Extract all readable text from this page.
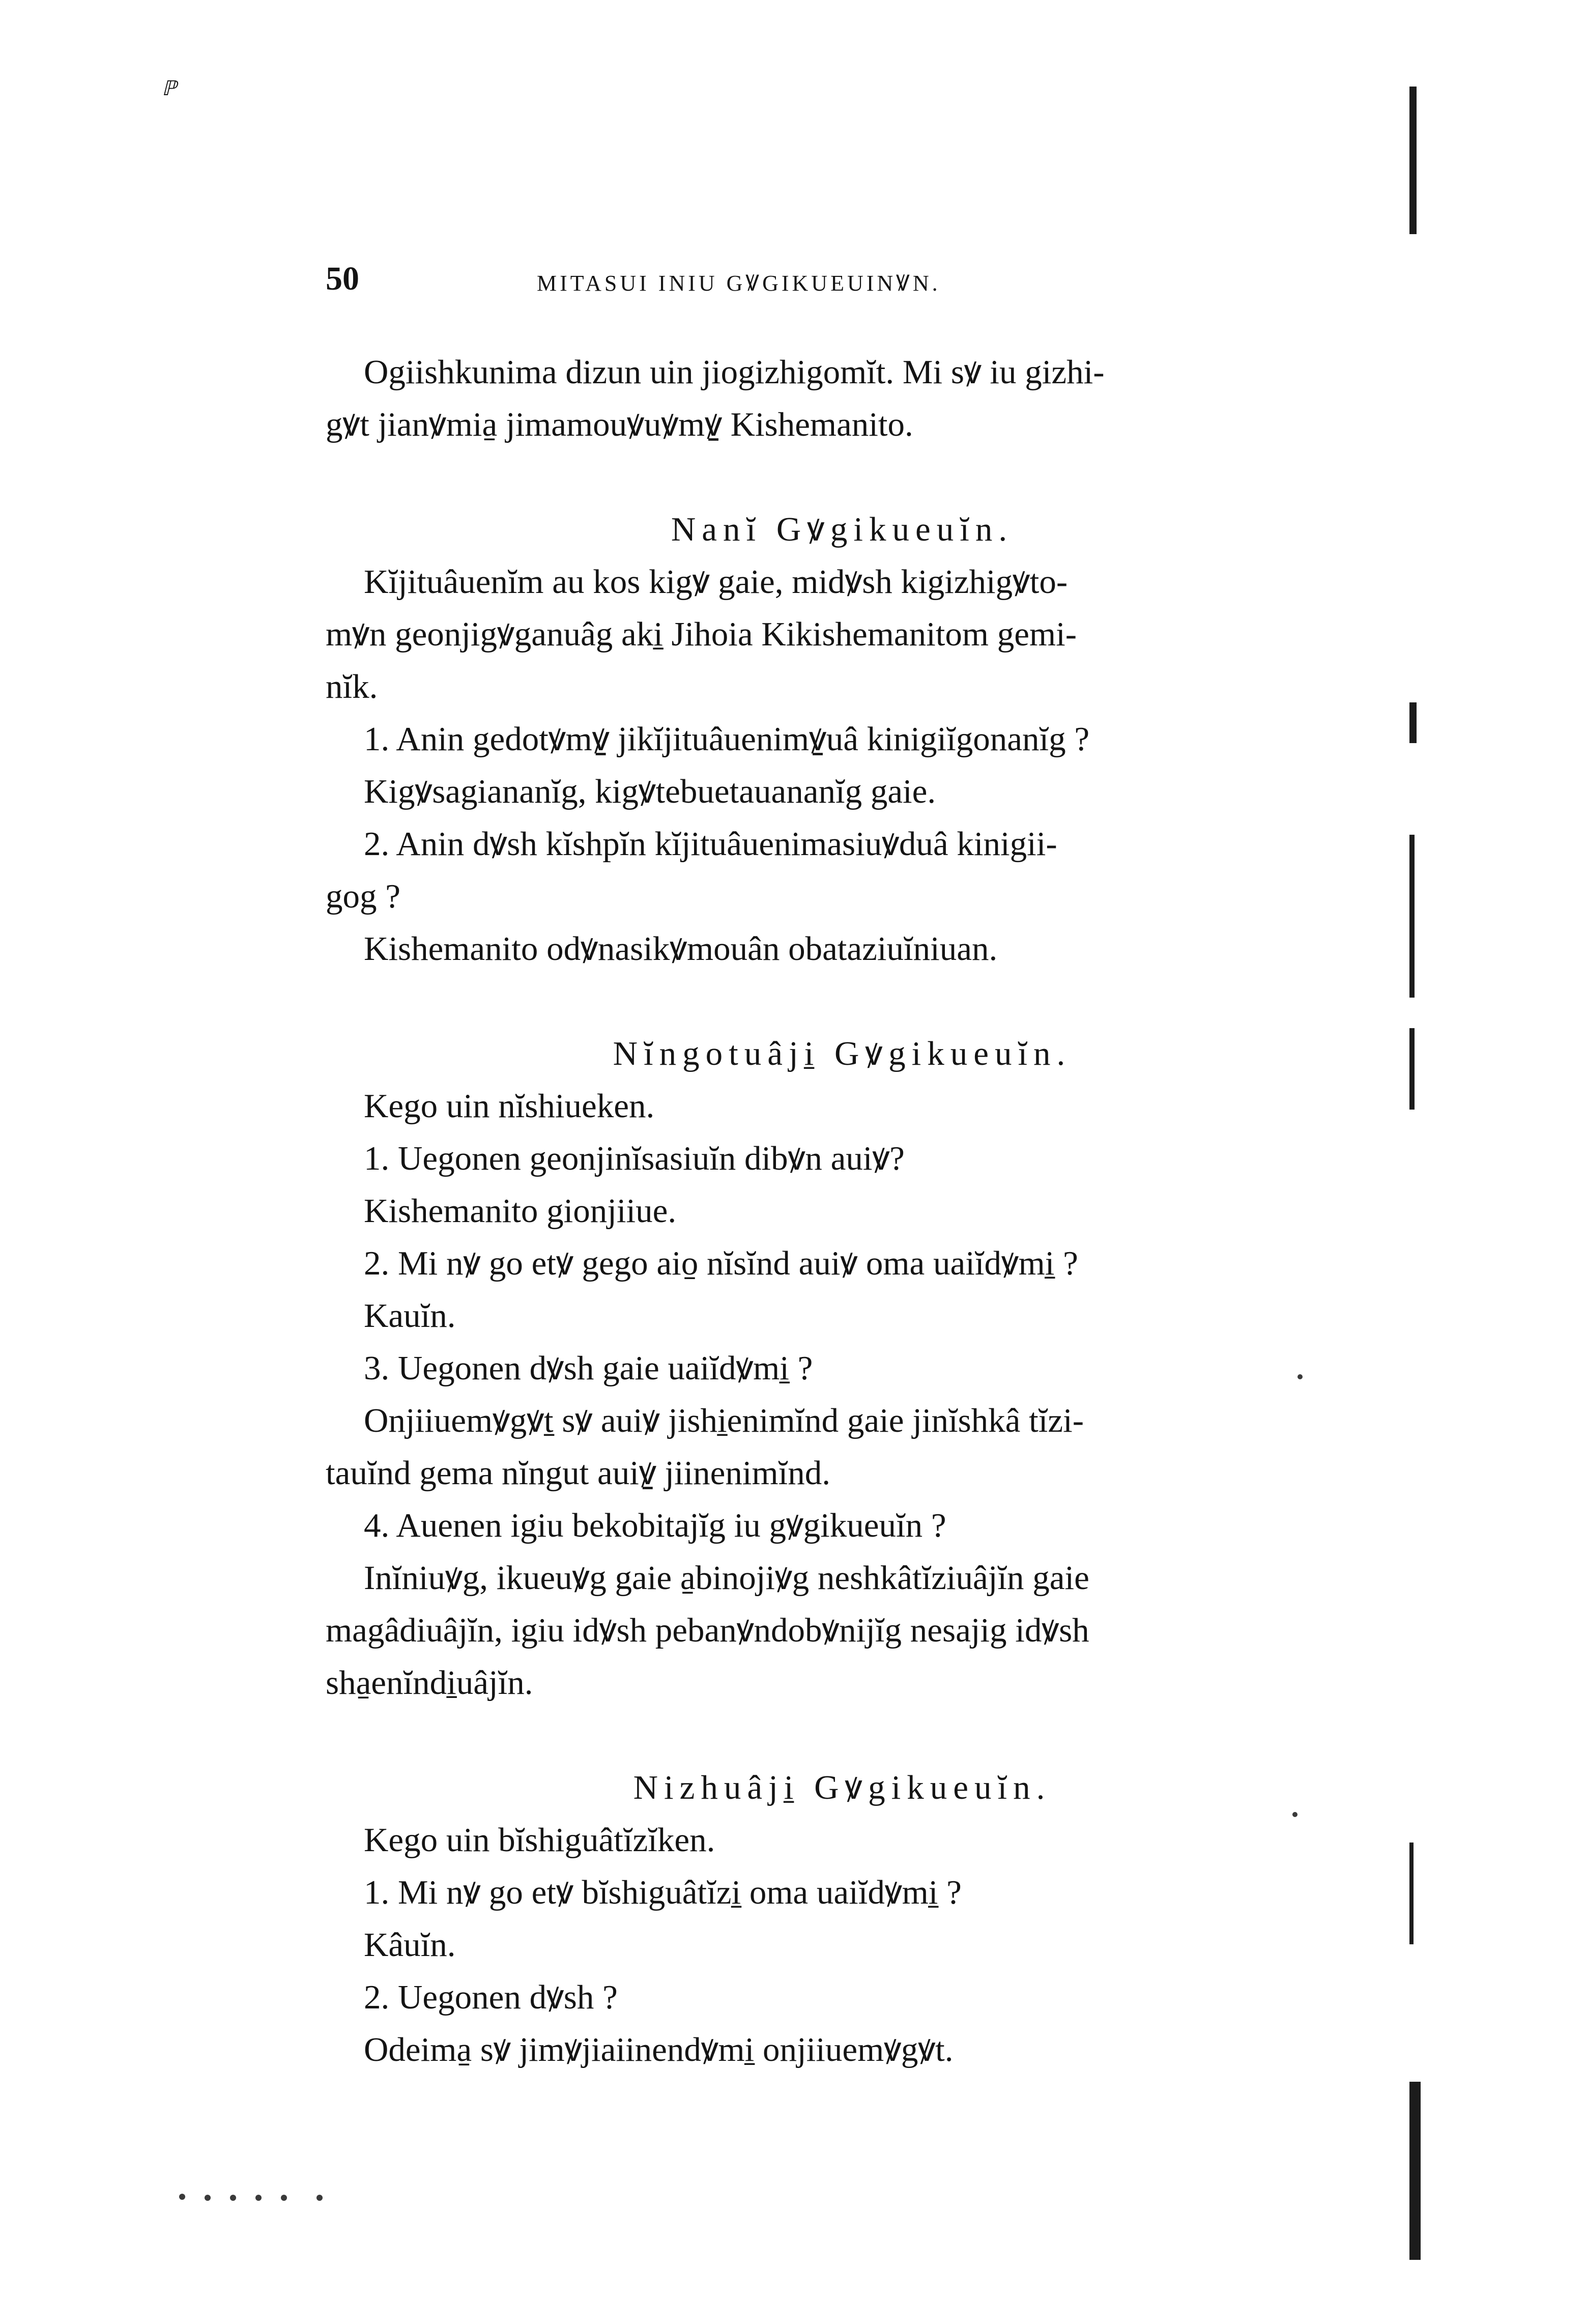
ℙ
50	MITASUI INIU GꝞGIKUEUINꝞN.
Ogiishkunima dizun uin jiogizhigomĭt. Mi sꝟ iu gizhi-
gꝟt jianꝟmia̱ jimamouꝟuꝟmꝟ̱ Kishemanito.
Nanĭ Gꝟgikueuĭn.
Kĭjituâuenĭm au kos kigꝟ gaie, midꝟsh kigizhigꝟto-
mꝟn geonjigꝟganuâg aki̱ Jihoia Kikishemanitom gemi-
nĭk.
1. Anin gedotꝟmꝟ̱ jikĭjituâuenimꝟ̱uâ kinigiĭgonanĭg ?
Kigꝟsagiananĭg, kigꝟtebuetauananĭg gaie.
2. Anin dꝟsh kĭshpĭn kĭjituâuenimasiuꝟduâ kinigii-
gog ?
Kishemanito odꝟnasikꝟmouân obataziuĭniuan.
Nĭngotuâji̱ Gꝟgikueuĭn.
Kego uin nĭshiueken.
1. Uegonen geonjinĭsasiuĭn dibꝟn auiꝟ?
Kishemanito gionjiiue.
2. Mi nꝟ go etꝟ gego aio̱ nĭsĭnd auiꝟ oma uaiĭdꝟmi̱ ?
Kauĭn.
3. Uegonen dꝟsh gaie uaiĭdꝟmi̱ ?
Onjiiuemꝟgꝟṯ sꝟ auiꝟ jishi̱enimĭnd gaie jinĭshkâ tĭzi-
tauĭnd gema nĭngut auiꝟ̱ jiinenimĭnd.
4. Auenen igiu bekobitajĭg iu gꝟgikueuĭn ?
Inĭniuꝟg, ikueuꝟg gaie a̱binojiꝟg neshkâtĭziuâjĭn gaie
magâdiuâjĭn, igiu idꝟsh pebanꝟndobꝟnijĭg nesajig idꝟsh
sha̱enĭndi̱uâjĭn.
Nizhuâji̱ Gꝟgikueuĭn.
Kego uin bĭshiguâtĭzĭken.
1. Mi nꝟ go etꝟ bĭshiguâtĭzi̱ oma uaiĭdꝟmi̱ ?
Kâuĭn.
2. Uegonen dꝟsh ?
Odeima̱ sꝟ jimꝟjiaiinendꝟmi̱ onjiiuemꝟgꝟt.
